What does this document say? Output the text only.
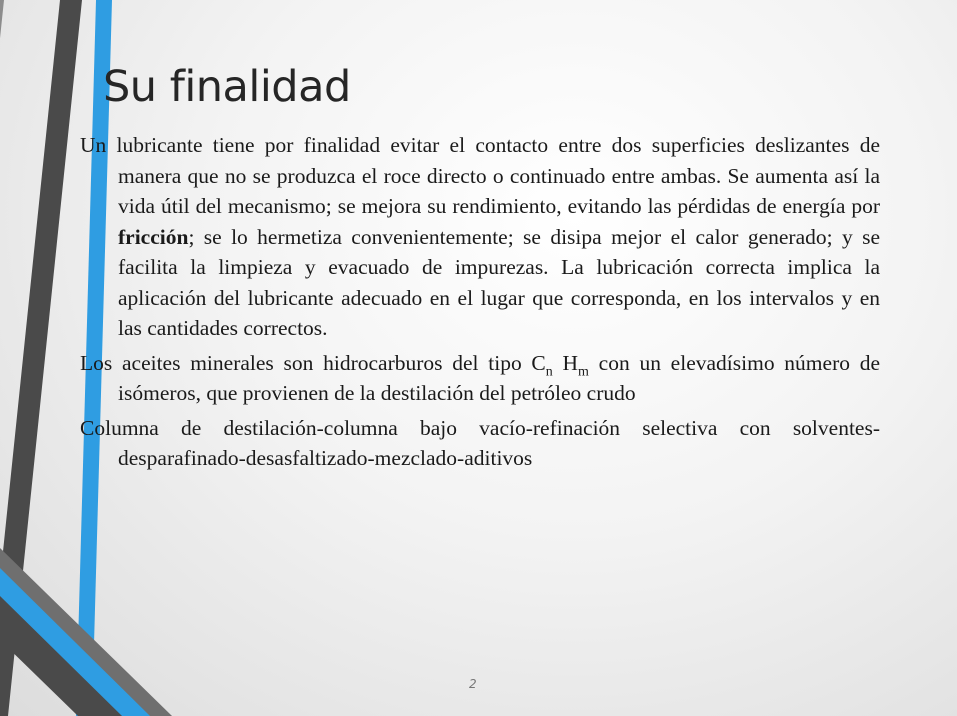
Su finalidad

Un lubricante tiene por finalidad evitar el contacto entre dos superficies deslizantes de manera que no se produzca el roce directo o continuado entre ambas. Se aumenta así la vida útil del mecanismo; se mejora su rendimiento, evitando las pérdidas de energía por fricción; se lo hermetiza convenientemente; se disipa mejor el calor generado; y se facilita la limpieza y evacuado de impurezas. La lubricación correcta implica la aplicación del lubricante adecuado en el lugar que corresponda, en los intervalos y en las cantidades correctos.

Los aceites minerales son hidrocarburos del tipo $C_n$ $H_m$ con un elevadísimo número de isómeros, que provienen de la destilación del petróleo crudo

Columna de destilación-columna bajo vacío-refinación selectiva con solventes-desparafinado-desasfaltizado-mezclado-aditivos

2
